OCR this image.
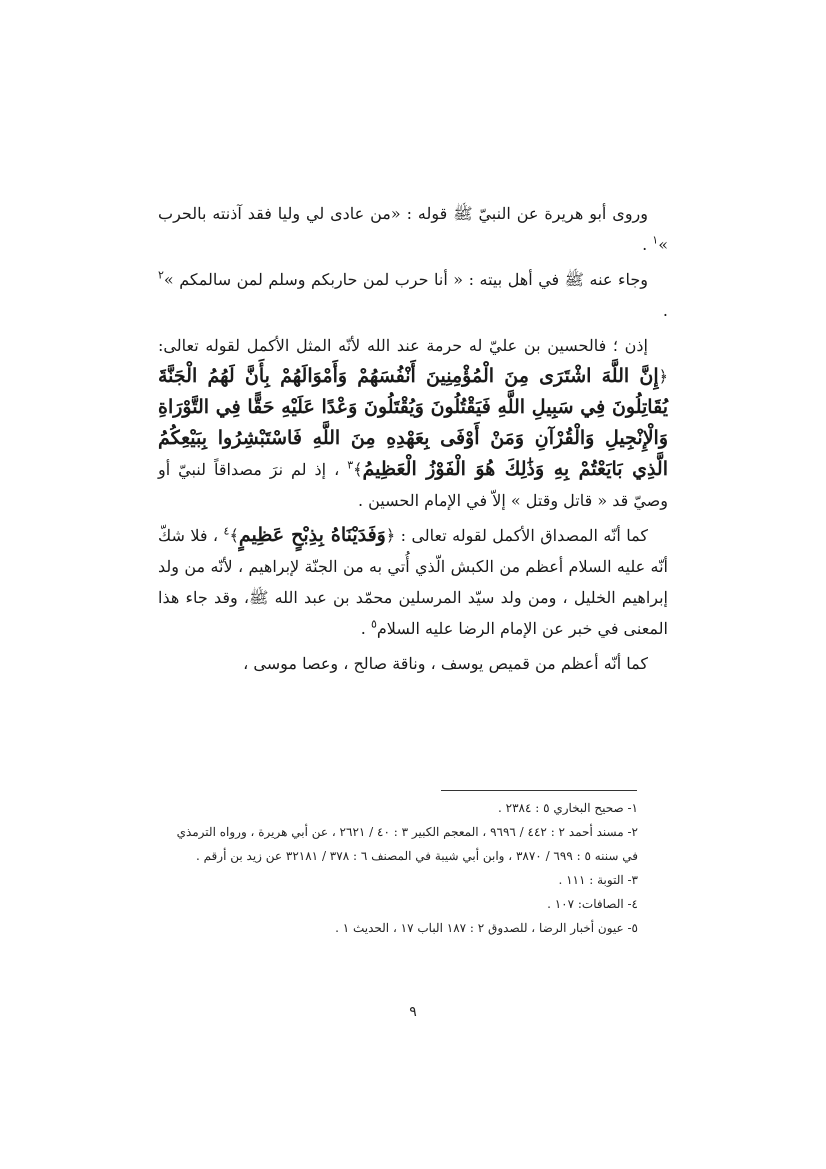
وروى أبو هريرة عن النبيّ ﷺ قوله : «من عادى لي وليا فقد آذنته بالحرب »$^١$ .

وجاء عنه ﷺ في أهل بيته : « أنا حرب لمن حاربكم وسلم لمن سالمكم »$^٢$ .

إذن ؛ فالحسين بن عليّ له حرمة عند الله لأنّه المثل الأكمل لقوله تعالى: ﴿إِنَّ اللَّهَ اشْتَرَى مِنَ الْمُؤْمِنِينَ أَنْفُسَهُمْ وَأَمْوَالَهُمْ بِأَنَّ لَهُمُ الْجَنَّةَ يُقَاتِلُونَ فِي سَبِيلِ اللَّهِ فَيَقْتُلُونَ وَيُقْتَلُونَ وَعْدًا عَلَيْهِ حَقًّا فِي التَّوْرَاةِ وَالْإِنْجِيلِ وَالْقُرْآنِ وَمَنْ أَوْفَى بِعَهْدِهِ مِنَ اللَّهِ فَاسْتَبْشِرُوا بِبَيْعِكُمُ الَّذِي بَايَعْتُمْ بِهِ وَذَٰلِكَ هُوَ الْفَوْزُ الْعَظِيمُ﴾$^٣$ ، إذ لم نرَ مصداقاً لنبيّ أو وصيّ قد « قاتل وقتل » إلاّ في الإمام الحسين .

كما أنّه المصداق الأكمل لقوله تعالى : ﴿وَفَدَيْنَاهُ بِذِبْحٍ عَظِيمٍ﴾$^٤$ ، فلا شكّ أنّه عليه السلام أعظم من الكبش الّذي أُتي به من الجنّة لإبراهيم ، لأنّه من ولد إبراهيم الخليل ، ومن ولد سيّد المرسلين محمّد بن عبد الله ﷺ، وقد جاء هذا المعنى في خبر عن الإمام الرضا عليه السلام$^٥$ .

كما أنّه أعظم من قميص يوسف ، وناقة صالح ، وعصا موسى ،

١- صحيح البخاري ٥ : ٢٣٨٤ .
٢- مسند أحمد ٢ : ٤٤٢ / ٩٦٩٦ ، المعجم الكبير ٣ : ٤٠ / ٢٦٢١ ، عن أبي هريرة ، ورواه الترمذي في سننه ٥ : ٦٩٩ / ٣٨٧٠ ، وابن أبي شيبة في المصنف ٦ : ٣٧٨ / ٣٢١٨١ عن زيد بن أرقم .
٣- التوبة : ١١١ .
٤- الصافات: ١٠٧ .
٥- عيون أخبار الرضا ، للصدوق ٢ : ١٨٧ الباب ١٧ ، الحديث ١ .
٩
